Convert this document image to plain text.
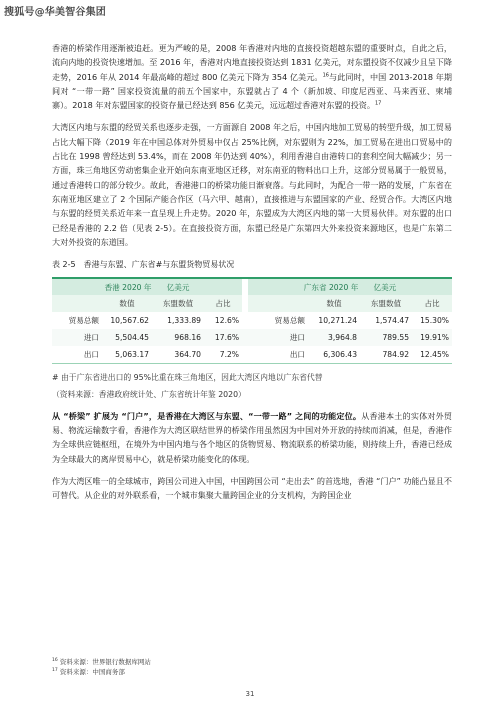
搜狐号@华美智谷集团

香港的桥梁作用逐渐被追赶。更为严峻的是，2008 年香港对内地的直接投资超越东盟的重要时点，自此之后，流向内地的投资快速增加。至 2016 年，香港对内地直接投资达到 1831 亿美元，对东盟投资不仅减少且呈下降走势，2016 年从 2014 年最高峰的超过 800 亿美元下降为 354 亿美元。$^{16}$与此同时，中国 2013-2018 年期间对 “一带一路” 国家投资流量的前五个国家中，东盟就占了 4 个（新加坡、印度尼西亚、马来西亚、柬埔寨）。2018 年对东盟国家的投资存量已经达到 856 亿美元，远远超过香港对东盟的投资。$^{17}$

大湾区内地与东盟的经贸关系也逐步走强，一方面源自 2008 年之后，中国内地加工贸易的转型升级，加工贸易占比大幅下降（2019 年在中国总体对外贸易中仅占 25%比例，对东盟则为 22%，加工贸易在进出口贸易中的占比在 1998 曾经达到 53.4%，而在 2008 年仍达到 40%），利用香港自由港转口的套利空间大幅减少；另一方面，珠三角地区劳动密集企业开始向东南亚地区迁移，对东南亚的物料出口上升，这部分贸易属于一般贸易，通过香港转口的部分较少。故此，香港港口的桥梁功能日渐衰落。与此同时，为配合一带一路的发展，广东省在东南亚地区建立了 2 个国际产能合作区（马六甲、越南），直接推进与东盟国家的产业、经贸合作。大湾区内地与东盟的经贸关系近年来一直呈现上升走势。2020 年，东盟成为大湾区内地的第一大贸易伙伴。对东盟的出口已经是香港的 2.2 倍（见表 2-5）。在直接投资方面，东盟已经是广东第四大外来投资来源地区，也是广东第二大对外投资的东道国。

表 2-5　香港与东盟、广东省#与东盟货物贸易状况
香港 2020 年　　亿美元					广东省 2020 年　　亿美元			
	数值	东盟数值	占比			数值	东盟数值	占比
贸易总额	10,567.62	1,333.89	12.6%		贸易总额	10,271.24	1,574.47	15.30%
进口	5,504.45	968.16	17.6%		进口	3,964.8	789.55	19.91%
出口	5,063.17	364.70	7.2%		出口	6,306.43	784.92	12.45%
# 由于广东省进出口的 95%比重在珠三角地区，因此大湾区内地以广东省代替
（资料来源：香港政府统计处、广东省统计年鉴 2020）

从 “桥梁” 扩展为 “门户”，是香港在大湾区与东盟、“一带一路” 之间的功能定位。从香港本土的实体对外贸易、物流运输数字看，香港作为大湾区联结世界的桥梁作用虽然因为中国对外开放的持续而消减，但是，香港作为全球供应链枢纽，在境外为中国内地与各个地区的货物贸易、物流联系的桥梁功能，则持续上升，香港已经成为全球最大的离岸贸易中心，就是桥梁功能变化的体现。

作为大湾区唯一的全球城市，跨国公司进入中国，中国跨国公司 “走出去” 的首选地，香港 “门户” 功能凸显且不可替代。从企业的对外联系看，一个城市集聚大量跨国企业的分支机构，为跨国企业

$^{16}$ 资料来源：世界银行数据库网站
$^{17}$ 资料来源：中国商务部
31
